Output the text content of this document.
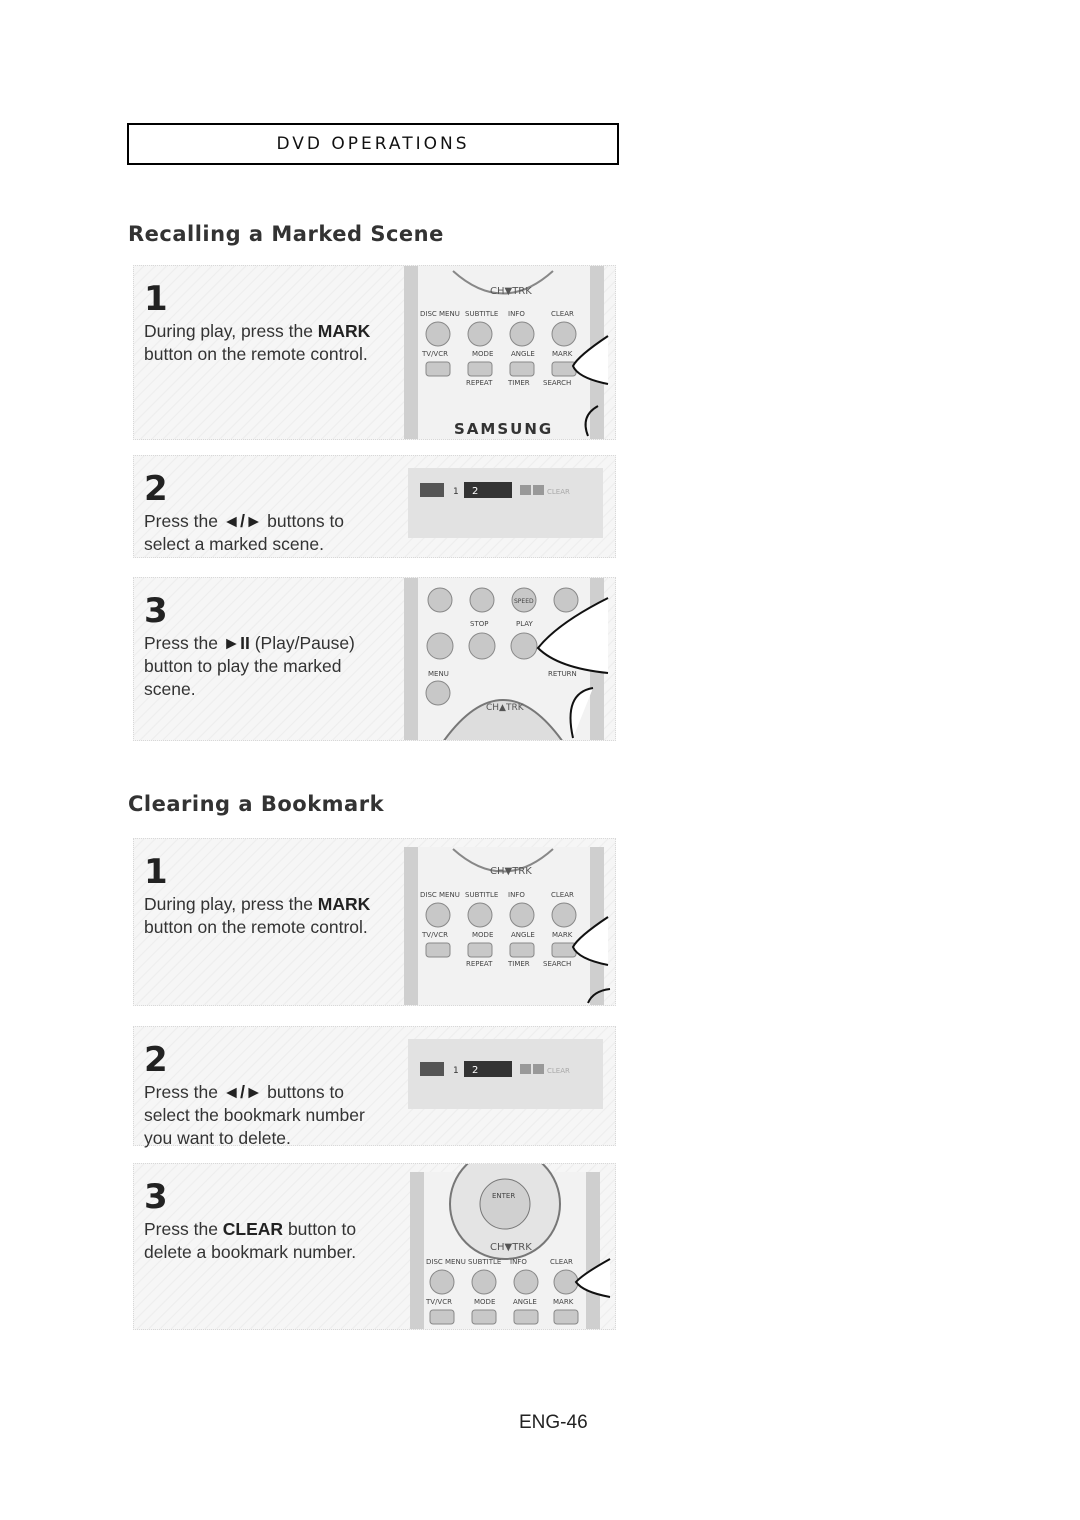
DVD OPERATIONS
Recalling a Marked Scene
1
During play, press the MARK button on the remote control.
CH▼TRK
DISC MENU SUBTITLE INFO	CLEAR
TV/VCR	MODE	ANGLE MARK
REPEAT TIMER SEARCH
SAMSUNG
2
Press the ◄/► buttons to select a marked scene.
1 2	CLEAR
3
Press the ►II (Play/Pause) button to play the marked scene.
SPEED
STOP	PLAY
MENU	RETURN
CH▲TRK
Clearing a Bookmark
1
During play, press the MARK button on the remote control.
CH▼TRK
DISC MENU SUBTITLE INFO	CLEAR
TV/VCR	MODE	ANGLE MARK
REPEAT TIMER SEARCH
2
Press the ◄/► buttons to select the bookmark number you want to delete.
1 2	CLEAR
3
Press the CLEAR button to delete a bookmark number.
ENTER
CH▼TRK
DISC MENU SUBTITLE INFO	CLEAR
TV/VCR	MODE	ANGLE MARK
ENG-46
